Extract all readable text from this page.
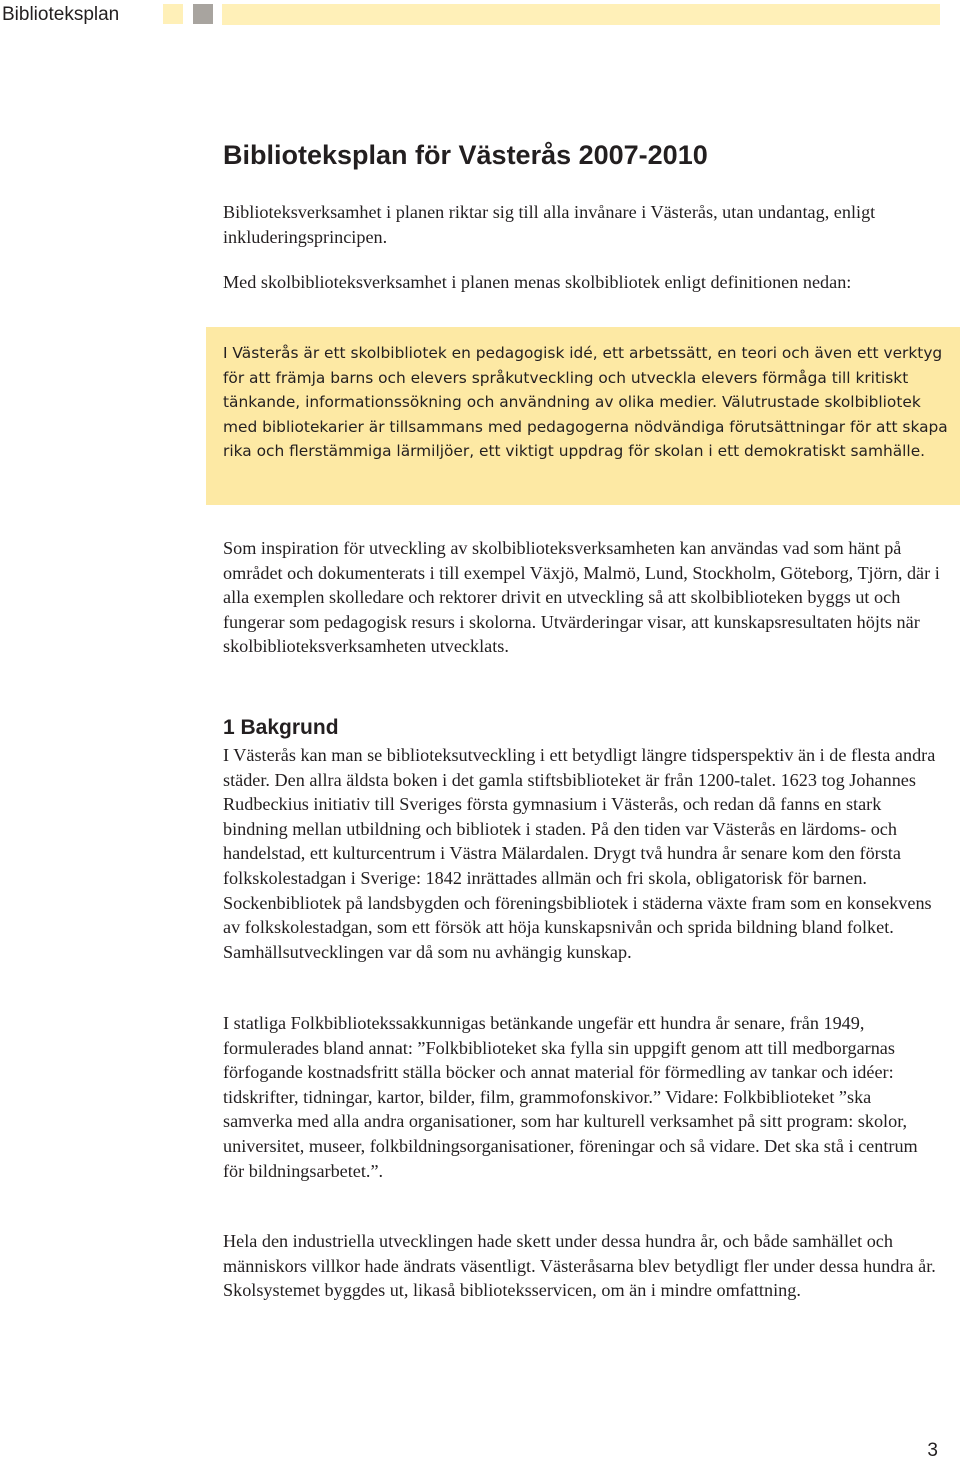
Biblioteksplan
Biblioteksplan för Västerås 2007-2010

Biblioteksverksamhet i planen riktar sig till alla invånare i Västerås, utan undantag, enligt inkluderingsprincipen.

Med skolbiblioteksverksamhet i planen menas skolbibliotek enligt definitionen nedan:

I Västerås är ett skolbibliotek en pedagogisk idé, ett arbetssätt, en teori och även ett verktyg för att främja barns och elevers språkutveckling och utveckla elevers förmåga till kritiskt tänkande, informationssökning och användning av olika medier. Välutrustade skolbibliotek med bibliotekarier är tillsammans med pedagogerna nödvändiga förutsättningar för att skapa rika och flerstämmiga lärmiljöer, ett viktigt uppdrag för skolan i ett demokratiskt samhälle.

Som inspiration för utveckling av skolbiblioteksverksamheten kan användas vad som hänt på området och dokumenterats i till exempel Växjö, Malmö, Lund, Stockholm, Göteborg, Tjörn, där i alla exemplen skolledare och rektorer drivit en utveckling så att skolbiblioteken byggs ut och fungerar som pedagogisk resurs i skolorna. Utvärderingar visar, att kunskapsresultaten höjts när skolbiblioteksverksamheten utvecklats.

1 Bakgrund

I Västerås kan man se biblioteksutveckling i ett betydligt längre tidsperspektiv än i de flesta andra städer. Den allra äldsta boken i det gamla stiftsbiblioteket är från 1200-talet. 1623 tog Johannes Rudbeckius initiativ till Sveriges första gymnasium i Västerås, och redan då fanns en stark bindning mellan utbildning och bibliotek i staden. På den tiden var Västerås en lärdoms- och handelstad, ett kulturcentrum i Västra Mälardalen. Drygt två hundra år senare kom den första folkskolestadgan i Sverige: 1842 inrättades allmän och fri skola, obligatorisk för barnen. Sockenbibliotek på landsbygden och föreningsbibliotek i städerna växte fram som en konsekvens av folkskolestadgan, som ett försök att höja kunskapsnivån och sprida bildning bland folket. Samhällsutvecklingen var då som nu avhängig kunskap.

I statliga Folkbibliotekssakkunnigas betänkande ungefär ett hundra år senare, från 1949, formulerades bland annat: ”Folkbiblioteket ska fylla sin uppgift genom att till medborgarnas förfogande kostnadsfritt ställa böcker och annat material för förmedling av tankar och idéer: tidskrifter, tidningar, kartor, bilder, film, grammofonskivor.” Vidare: Folkbiblioteket ”ska samverka med alla andra organisationer, som har kulturell verksamhet på sitt program: skolor, universitet, museer, folkbildningsorganisationer, föreningar och så vidare. Det ska stå i centrum för bildningsarbetet.”.

Hela den industriella utvecklingen hade skett under dessa hundra år, och både samhället och människors villkor hade ändrats väsentligt. Västeråsarna blev betydligt fler under dessa hundra år. Skolsystemet byggdes ut, likaså biblioteksservicen, om än i mindre omfattning.

3
